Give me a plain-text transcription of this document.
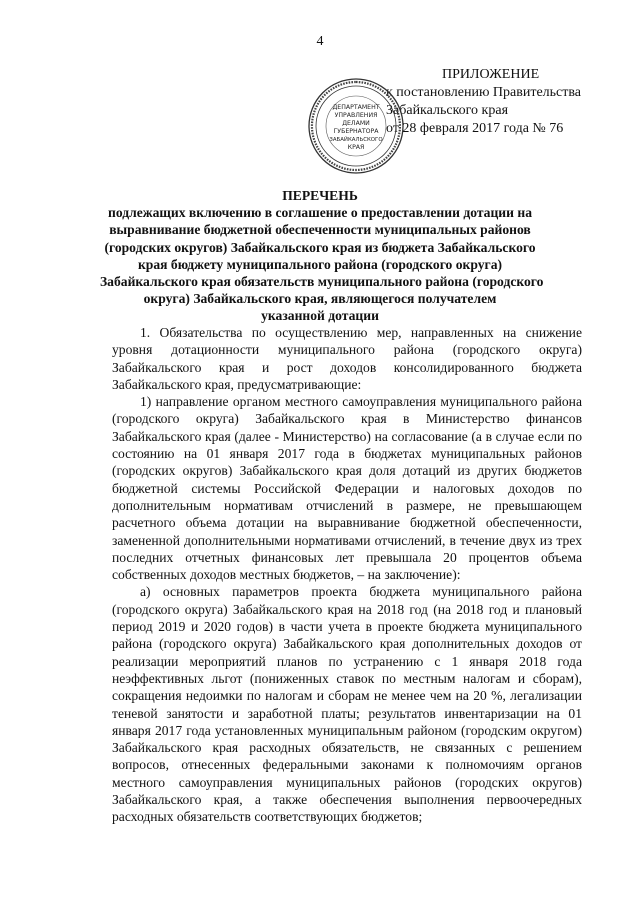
4
ПРИЛОЖЕНИЕ
к постановлению Правительства
Забайкальского края
от 28 февраля 2017 года № 76
ДЕПАРТАМЕНТ
УПРАВЛЕНИЯ
ДЕЛАМИ
ГУБЕРНАТОРА
ЗАБАЙКАЛЬСКОГО
КРАЯ
ПЕРЕЧЕНЬ
подлежащих включению в соглашение о предоставлении дотации на
выравнивание бюджетной обеспеченности муниципальных районов
(городских округов) Забайкальского края из бюджета Забайкальского
края бюджету муниципального района (городского округа)
Забайкальского края обязательств муниципального района (городского
округа) Забайкальского края, являющегося получателем
указанной дотации

1. Обязательства по осуществлению мер, направленных на снижение уровня дотационности муниципального района (городского округа) Забайкальского края и рост доходов консолидированного бюджета Забайкальского края, предусматривающие:

1) направление органом местного самоуправления муниципального района (городского округа) Забайкальского края в Министерство финансов Забайкальского края (далее - Министерство) на согласование (а в случае если по состоянию на 01 января 2017 года в бюджетах муниципальных районов (городских округов) Забайкальского края доля дотаций из других бюджетов бюджетной системы Российской Федерации и налоговых доходов по дополнительным нормативам отчислений в размере, не превышающем расчетного объема дотации на выравнивание бюджетной обеспеченности, замененной дополнительными нормативами отчислений, в течение двух из трех последних отчетных финансовых лет превышала 20 процентов объема собственных доходов местных бюджетов, – на заключение):

а) основных параметров проекта бюджета муниципального района (городского округа) Забайкальского края на 2018 год (на 2018 год и плановый период 2019 и 2020 годов) в части учета в проекте бюджета муниципального района (городского округа) Забайкальского края дополнительных доходов от реализации мероприятий планов по устранению с 1 января 2018 года неэффективных льгот (пониженных ставок по местным налогам и сборам), сокращения недоимки по налогам и сборам не менее чем на 20 %, легализации теневой занятости и заработной платы; результатов инвентаризации на 01 января 2017 года установленных муниципальным районом (городским округом) Забайкальского края расходных обязательств, не связанных с решением вопросов, отнесенных федеральными законами к полномочиям органов местного самоуправления муниципальных районов (городских округов) Забайкальского края, а также обеспечения выполнения первоочередных расходных обязательств соответствующих бюджетов;
